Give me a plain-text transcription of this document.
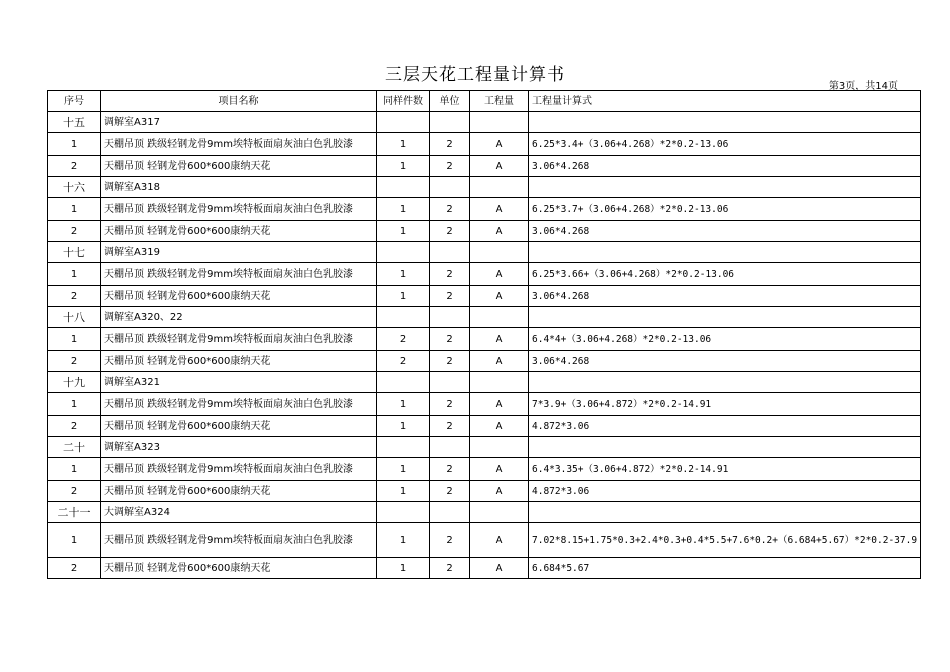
三层天花工程量计算书
第3页，共14页
序号	项目名称	同样件数	单位	工程量	工程量计算式
十五	调解室A317				
1	天棚吊顶 跌级轻钢龙骨9mm埃特板面扇灰油白色乳胶漆	1	2	A	6.25*3.4+（3.06+4.268）*2*0.2-13.06
2	天棚吊顶 轻钢龙骨600*600康纳天花	1	2	A	3.06*4.268
十六	调解室A318				
1	天棚吊顶 跌级轻钢龙骨9mm埃特板面扇灰油白色乳胶漆	1	2	A	6.25*3.7+（3.06+4.268）*2*0.2-13.06
2	天棚吊顶 轻钢龙骨600*600康纳天花	1	2	A	3.06*4.268
十七	调解室A319				
1	天棚吊顶 跌级轻钢龙骨9mm埃特板面扇灰油白色乳胶漆	1	2	A	6.25*3.66+（3.06+4.268）*2*0.2-13.06
2	天棚吊顶 轻钢龙骨600*600康纳天花	1	2	A	3.06*4.268
十八	调解室A320、22				
1	天棚吊顶 跌级轻钢龙骨9mm埃特板面扇灰油白色乳胶漆	2	2	A	6.4*4+（3.06+4.268）*2*0.2-13.06
2	天棚吊顶 轻钢龙骨600*600康纳天花	2	2	A	3.06*4.268
十九	调解室A321				
1	天棚吊顶 跌级轻钢龙骨9mm埃特板面扇灰油白色乳胶漆	1	2	A	7*3.9+（3.06+4.872）*2*0.2-14.91
2	天棚吊顶 轻钢龙骨600*600康纳天花	1	2	A	4.872*3.06
二十	调解室A323				
1	天棚吊顶 跌级轻钢龙骨9mm埃特板面扇灰油白色乳胶漆	1	2	A	6.4*3.35+（3.06+4.872）*2*0.2-14.91
2	天棚吊顶 轻钢龙骨600*600康纳天花	1	2	A	4.872*3.06
二十一	大调解室A324				
1	天棚吊顶 跌级轻钢龙骨9mm埃特板面扇灰油白色乳胶漆	1	2	A	7.02*8.15+1.75*0.3+2.4*0.3+0.4*5.5+7.6*0.2+（6.684+5.67）*2*0.2-37.9
2	天棚吊顶 轻钢龙骨600*600康纳天花	1	2	A	6.684*5.67
